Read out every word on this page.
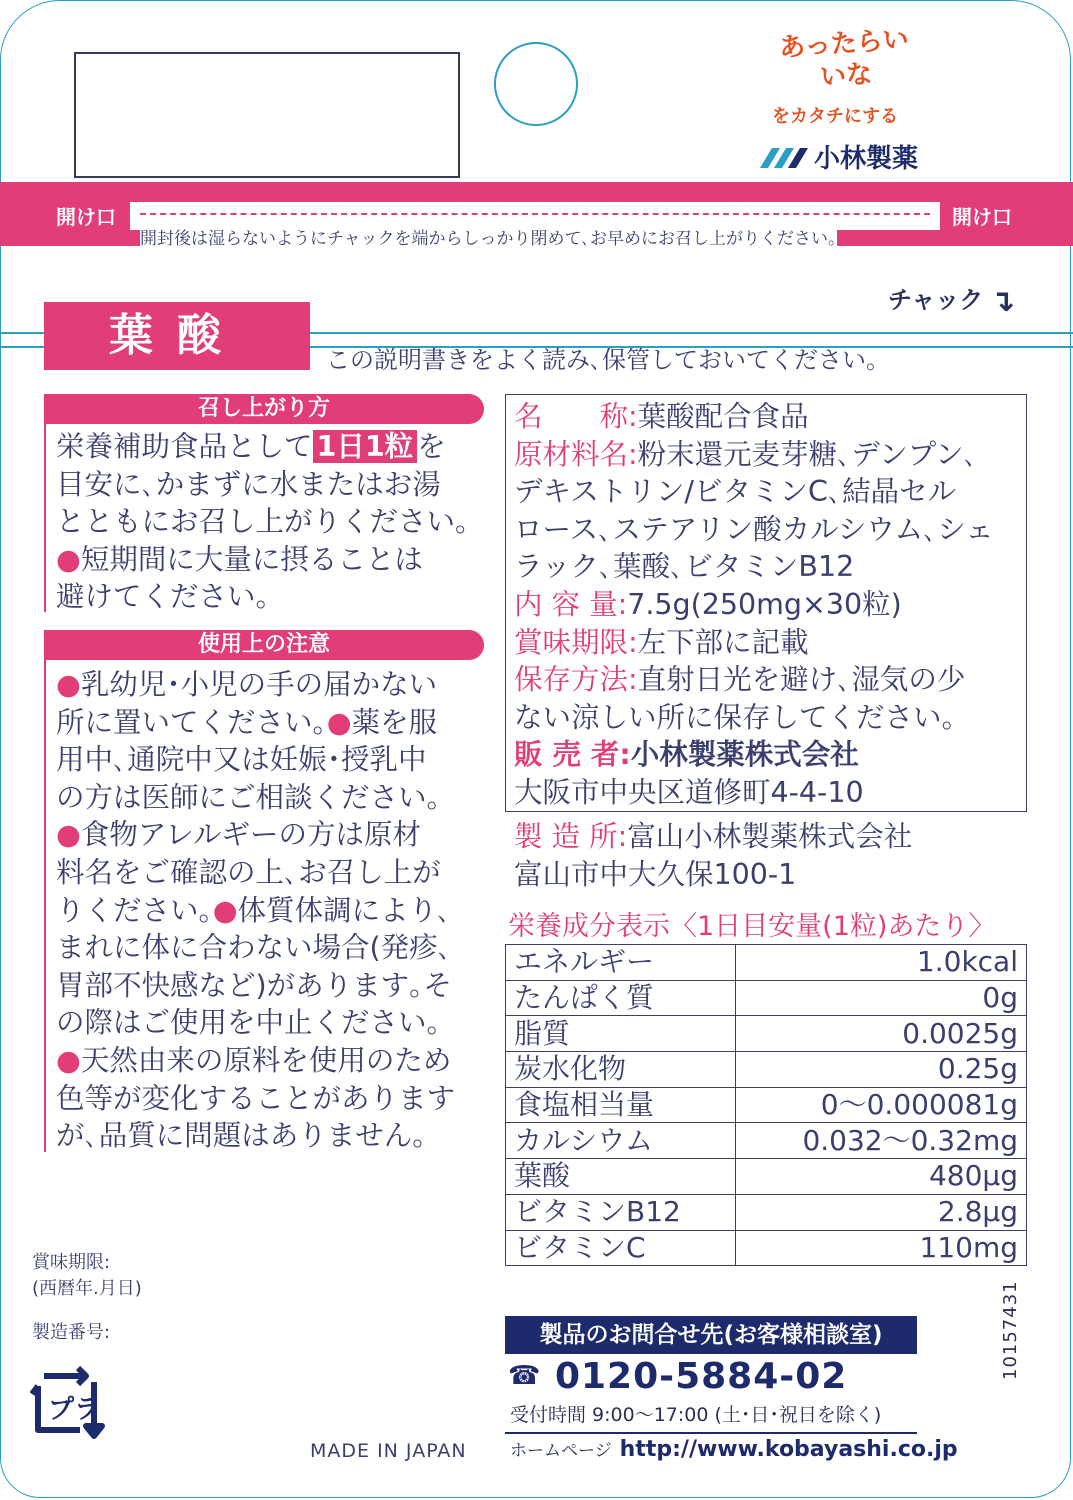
あったらいいな
をカタチにする
小林製薬
開け口	開け口
開封後は湿らないようにチャックを端からしっかり閉めて､お早めにお召し上がりください｡
チャック ↴
葉酸	この説明書きをよく読み､保管しておいてください｡
召し上がり方
栄養補助食品として 1日1粒 を
目安に､かまずに水またはお湯
とともにお召し上がりください｡
●短期間に大量に摂ることは
避けてください｡
使用上の注意
●乳幼児･小児の手の届かない
所に置いてください｡●薬を服
用中､通院中又は妊娠･授乳中
の方は医師にご相談ください｡
●食物アレルギーの方は原材
料名をご確認の上､お召し上が
りください｡●体質体調により､
まれに体に合わない場合(発疹､
胃部不快感など)があります｡そ
の際はご使用を中止ください｡
●天然由来の原料を使用のため
色等が変化することがあります
が､品質に問題はありません｡
名　　称:葉酸配合食品
原材料名:粉末還元麦芽糖､デンプン､
デキストリン/ビタミンC､結晶セル
ロース､ステアリン酸カルシウム､シェ
ラック､葉酸､ビタミンB12
内 容 量:7.5g(250mg×30粒)
賞味期限:左下部に記載
保存方法:直射日光を避け､湿気の少
ない涼しい所に保存してください｡
販 売 者:小林製薬株式会社
大阪市中央区道修町4-4-10
製 造 所:富山小林製薬株式会社
富山市中大久保100-1
栄養成分表示〈1日目安量(1粒)あたり〉
エネルギー	1.0kcal
たんぱく質	0g
脂質	0.0025g
炭水化物	0.25g
食塩相当量	0～0.000081g
カルシウム	0.032～0.32mg
葉酸	480μg
ビタミンB12	2.8μg
ビタミンC	110mg
賞味期限:
(西暦年.月日)
製造番号:
プラ
MADE IN JAPAN
製品のお問合せ先(お客様相談室)
☎ 0120-5884-02
受付時間 9:00～17:00 (土･日･祝日を除く)
ホームページ http://www.kobayashi.co.jp
10157431
